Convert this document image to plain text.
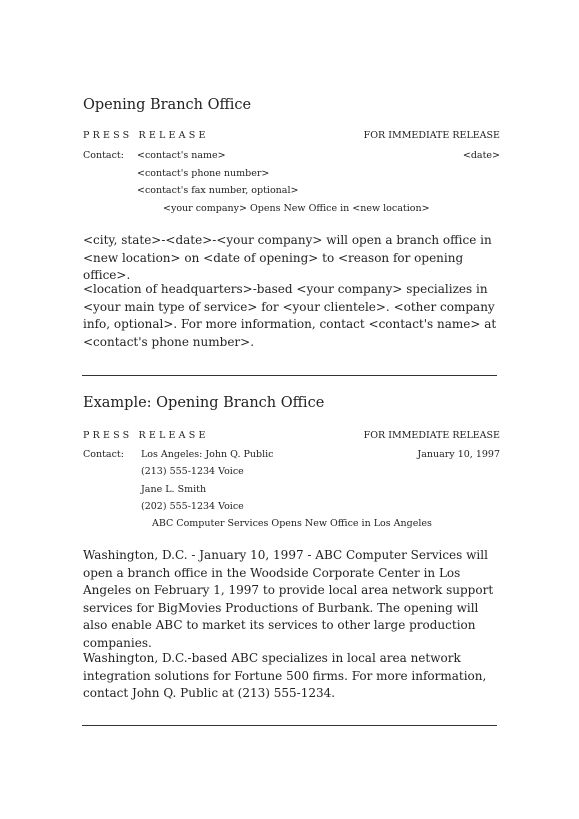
Opening Branch Office
PRESS RELEASE	FOR IMMEDIATE RELEASE
Contact: <contact's name>	<date>
<contact's phone number>
<contact's fax number, optional>
<your company> Opens New Office in <new location>
<city, state>-<date>-<your company> will open a branch office in <new location> on <date of opening> to <reason for opening office>.
<location of headquarters>-based <your company> specializes in <your main type of service> for <your clientele>. <other company info, optional>. For more information, contact <contact's name> at <contact's phone number>.
Example: Opening Branch Office
PRESS RELEASE	FOR IMMEDIATE RELEASE
Contact: Los Angeles: John Q. Public	January 10, 1997
(213) 555-1234 Voice
Jane L. Smith
(202) 555-1234 Voice
ABC Computer Services Opens New Office in Los Angeles
Washington, D.C. - January 10, 1997 - ABC Computer Services will open a branch office in the Woodside Corporate Center in Los Angeles on February 1, 1997 to provide local area network support services for BigMovies Productions of Burbank. The opening will also enable ABC to market its services to other large production companies.
Washington, D.C.-based ABC specializes in local area network integration solutions for Fortune 500 firms. For more information, contact John Q. Public at (213) 555-1234.
